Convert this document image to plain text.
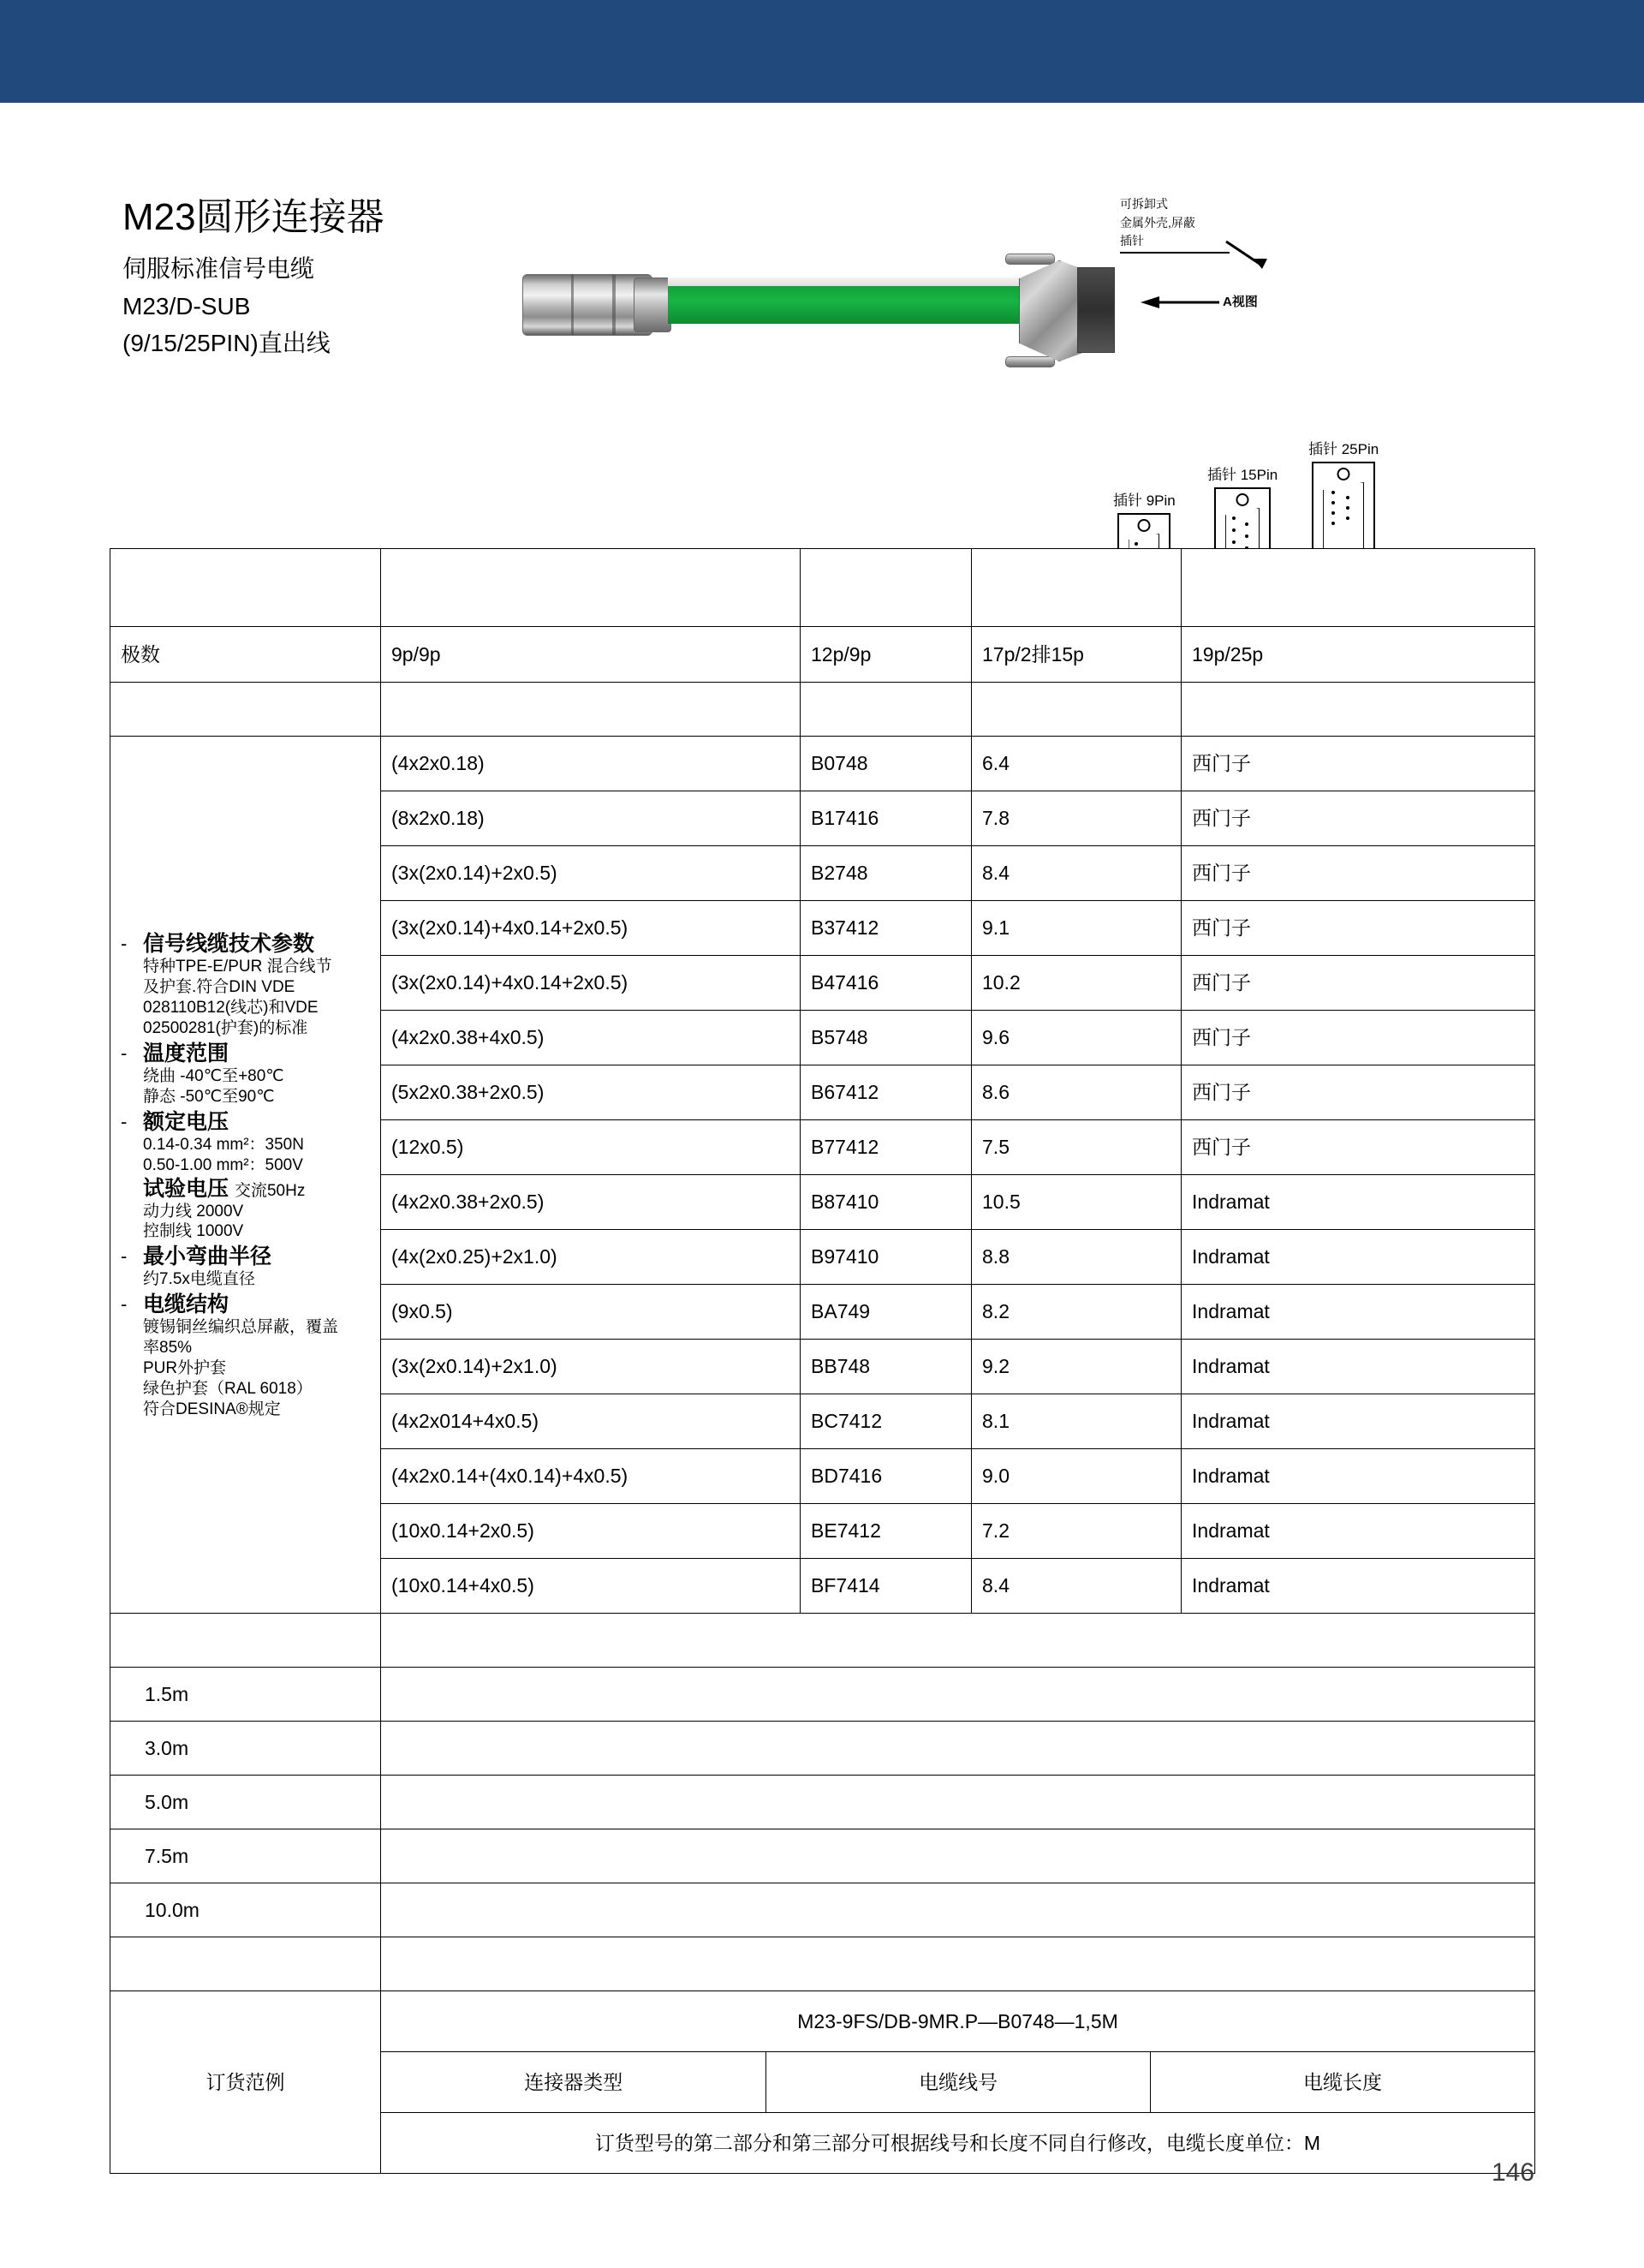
M23圆形连接器
伺服标准信号电缆
M23/D-SUB
(9/15/25PIN)直出线
可拆卸式
金属外壳,屏蔽
插针
A视图
插针 9Pin
插针 15Pin
插针 25Pin
型号	M23-9FS/DB-9MS.P	M23-12FS/DB-9MS.P	M23-17FS/DB-15MS/2C.P	M23-19FS/DB-25MS.P
极数	9p/9p	12p/9p	17p/2排15p	19p/25p
电缆类型	芯数x标称截面积mm²	护套颜色	电缆外径mm	应用系统

- 信号线缆技术参数
特种TPE-E/PUR 混合线节
及护套.符合DIN VDE
028110B12(线芯)和VDE
02500281(护套)的标准
- 温度范围
绕曲 -40℃至+80℃
静态 -50℃至90℃
- 额定电压
0.14-0.34 mm²：350N
0.50-1.00 mm²：500V
试验电压 交流50Hz
动力线 2000V
控制线 1000V
- 最小弯曲半径
约7.5x电缆直径
- 电缆结构
镀锡铜丝编织总屏蔽，覆盖
率85%
PUR外护套
绿色护套（RAL 6018）
符合DESINA®规定
	(4x2x0.18)	B0748	6.4	西门子
(8x2x0.18)	B17416	7.8	西门子
(3x(2x0.14)+2x0.5)	B2748	8.4	西门子
(3x(2x0.14)+4x0.14+2x0.5)	B37412	9.1	西门子
(3x(2x0.14)+4x0.14+2x0.5)	B47416	10.2	西门子
(4x2x0.38+4x0.5)	B5748	9.6	西门子
(5x2x0.38+2x0.5)	B67412	8.6	西门子
(12x0.5)	B77412	7.5	西门子
(4x2x0.38+2x0.5)	B87410	10.5	Indramat
(4x(2x0.25)+2x1.0)	B97410	8.8	Indramat
(9x0.5)	BA749	8.2	Indramat
(3x(2x0.14)+2x1.0)	BB748	9.2	Indramat
(4x2x014+4x0.5)	BC7412	8.1	Indramat
(4x2x0.14+(4x0.14)+4x0.5)	BD7416	9.0	Indramat
(10x0.14+2x0.5)	BE7412	7.2	Indramat
(10x0.14+4x0.5)	BF7414	8.4	Indramat
电缆长度	
1.5m	
3.0m	
5.0m	
7.5m	
10.0m	
订货号	
订货范例	
M23-9FS/DB-9MR.P—B0748—1,5M
连接器类型	电缆线号	电缆长度
订货型号的第二部分和第三部分可根据线号和长度不同自行修改，电缆长度单位：M
146
